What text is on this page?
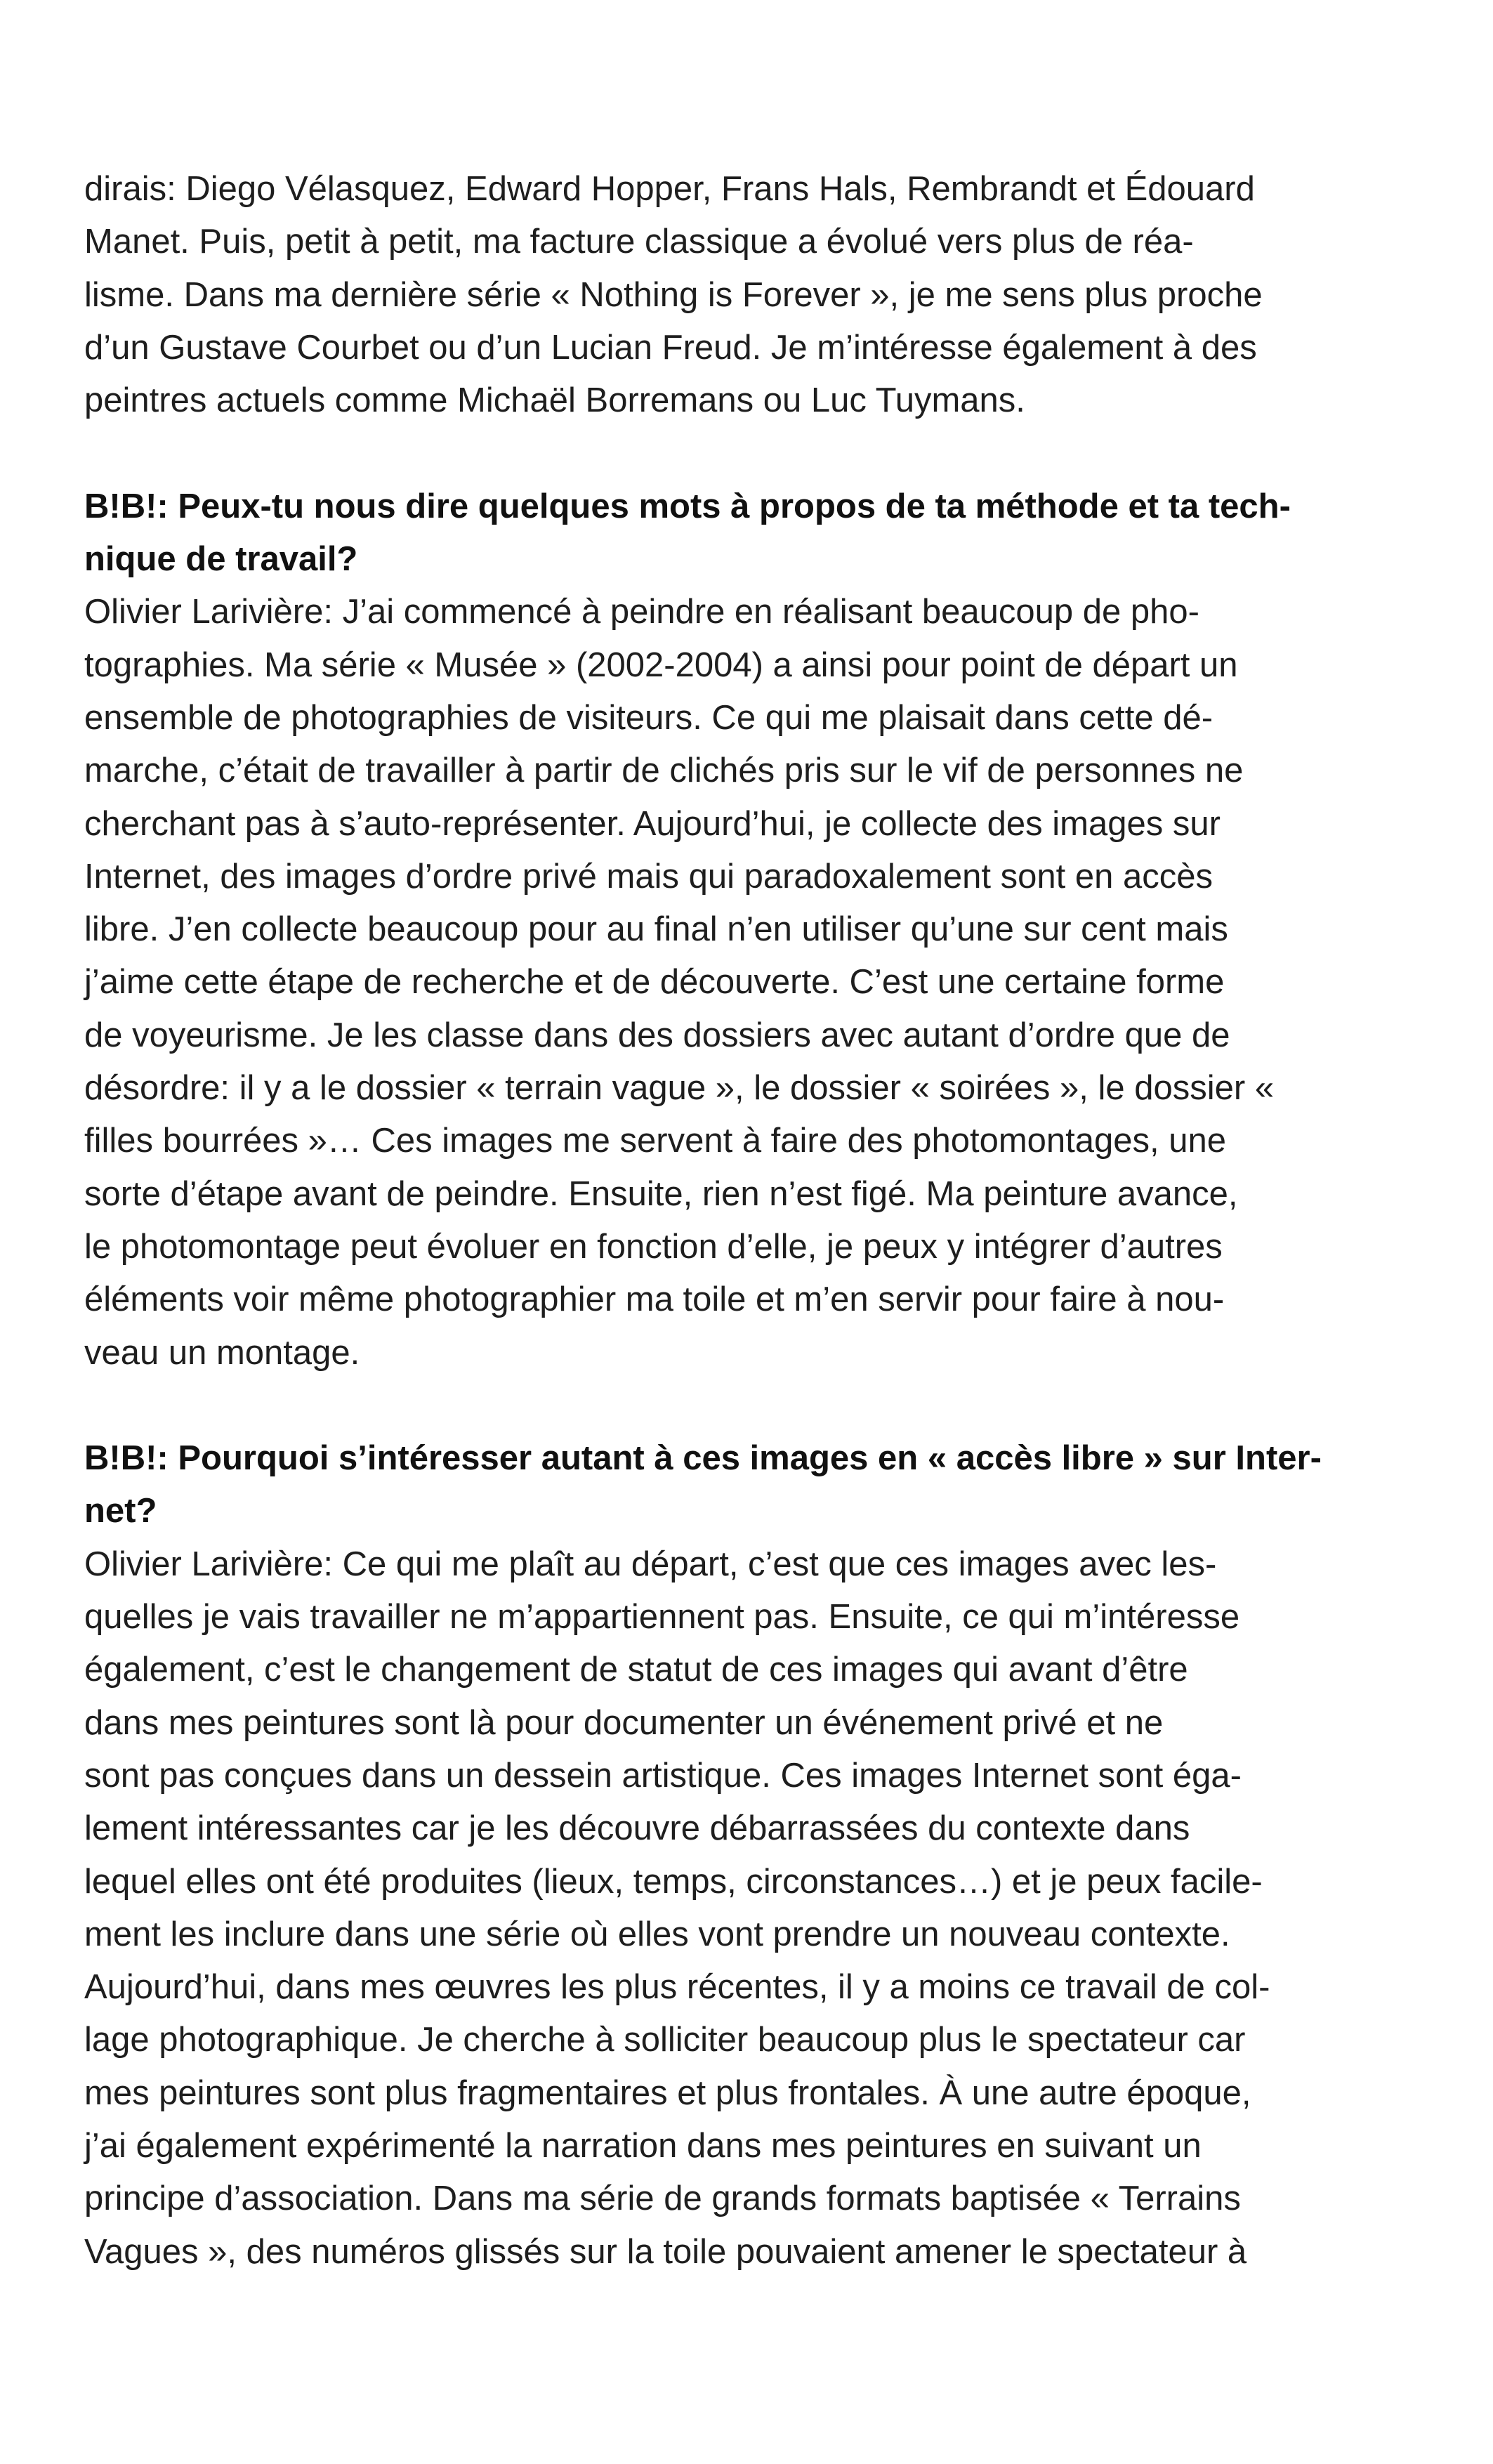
dirais: Diego Vélasquez, Edward Hopper, Frans Hals, Rembrandt et Édouard
Manet. Puis, petit à petit, ma facture classique a évolué vers plus de réa-
lisme. Dans ma dernière série « Nothing is Forever », je me sens plus proche
d’un Gustave Courbet ou d’un Lucian Freud. Je m’intéresse également à des
peintres actuels comme Michaël Borremans ou Luc Tuymans.
B!B!: Peux-tu nous dire quelques mots à propos de ta méthode et ta tech-
nique de travail?
Olivier Larivière: J’ai commencé à peindre en réalisant beaucoup de pho-
tographies. Ma série « Musée » (2002-2004) a ainsi pour point de départ un
ensemble de photographies de visiteurs. Ce qui me plaisait dans cette dé-
marche, c’était de travailler à partir de clichés pris sur le vif de personnes ne
cherchant pas à s’auto-représenter. Aujourd’hui, je collecte des images sur
Internet, des images d’ordre privé mais qui paradoxalement sont en accès
libre. J’en collecte beaucoup pour au final n’en utiliser qu’une sur cent mais
j’aime cette étape de recherche et de découverte. C’est une certaine forme
de voyeurisme. Je les classe dans des dossiers avec autant d’ordre que de
désordre: il y a le dossier « terrain vague », le dossier « soirées », le dossier «
filles bourrées »… Ces images me servent à faire des photomontages, une
sorte d’étape avant de peindre. Ensuite, rien n’est figé. Ma peinture avance,
le photomontage peut évoluer en fonction d’elle, je peux y intégrer d’autres
éléments voir même photographier ma toile et m’en servir pour faire à nou-
veau un montage.
B!B!: Pourquoi s’intéresser autant à ces images en « accès libre » sur Inter-
net?
Olivier Larivière: Ce qui me plaît au départ, c’est que ces images avec les-
quelles je vais travailler ne m’appartiennent pas. Ensuite, ce qui m’intéresse
également, c’est le changement de statut de ces images qui avant d’être
dans mes peintures sont là pour documenter un événement privé et ne
sont pas conçues dans un dessein artistique. Ces images Internet sont éga-
lement intéressantes car je les découvre débarrassées du contexte dans
lequel elles ont été produites (lieux, temps, circonstances…) et je peux facile-
ment les inclure dans une série où elles vont prendre un nouveau contexte.
Aujourd’hui, dans mes œuvres les plus récentes, il y a moins ce travail de col-
lage photographique. Je cherche à solliciter beaucoup plus le spectateur car
mes peintures sont plus fragmentaires et plus frontales. À une autre époque,
j’ai également expérimenté la narration dans mes peintures en suivant un
principe d’association. Dans ma série de grands formats baptisée « Terrains
Vagues », des numéros glissés sur la toile pouvaient amener le spectateur à
